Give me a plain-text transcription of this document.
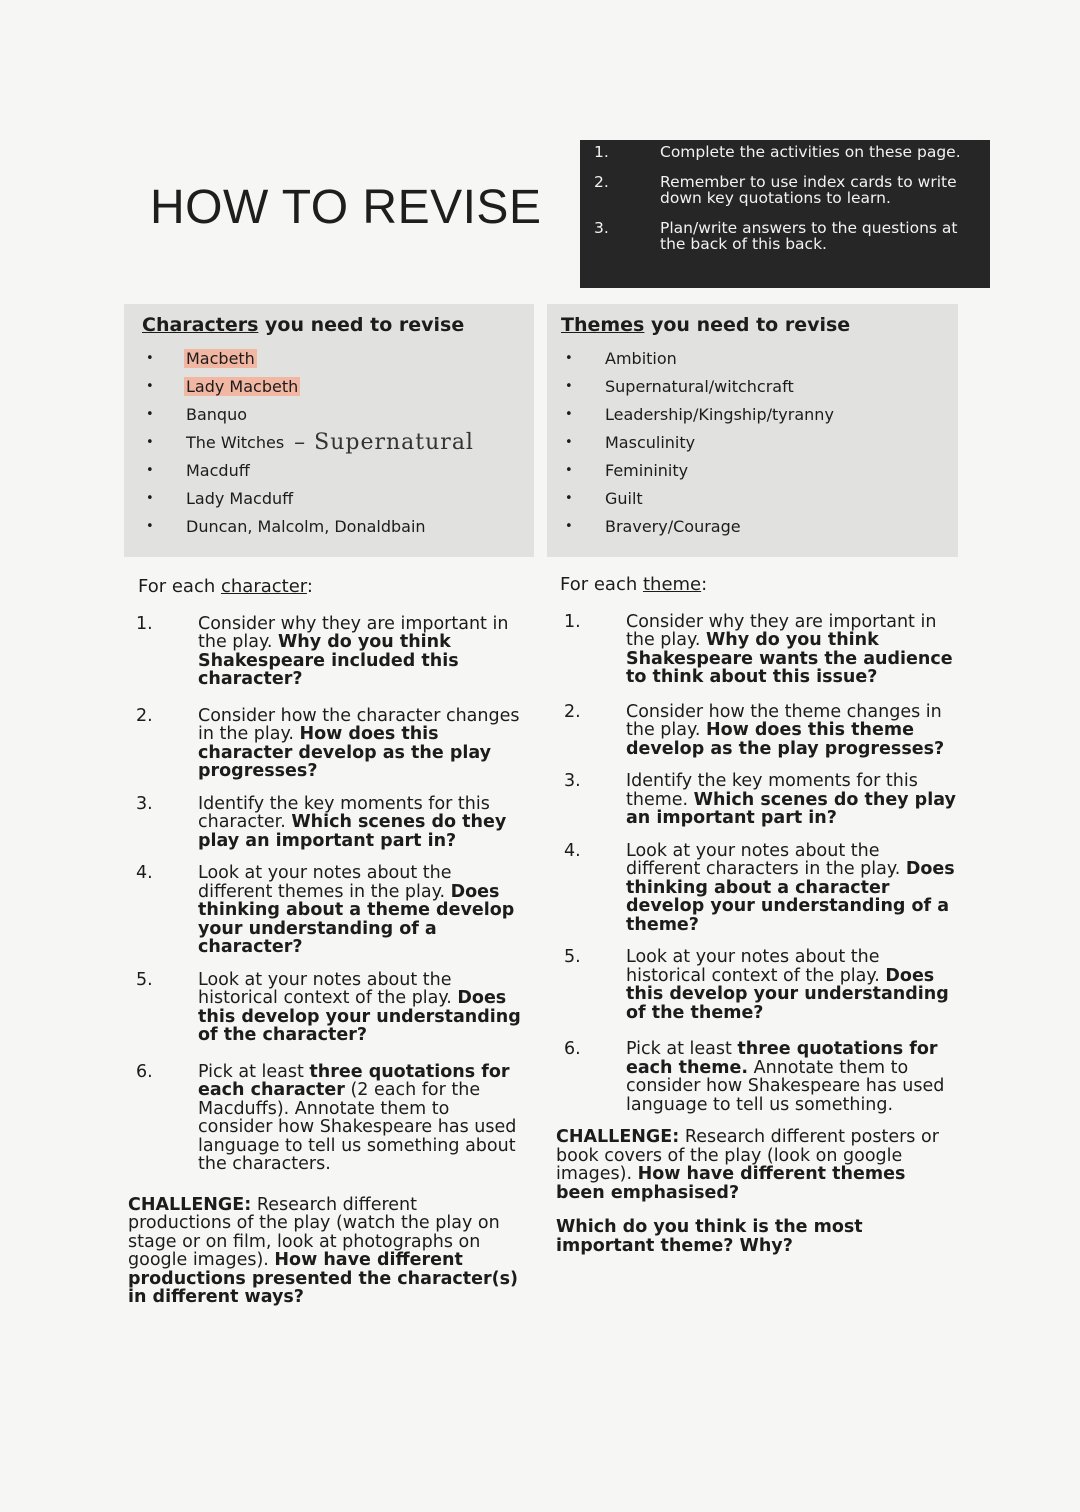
HOW TO REVISE
1.	Complete the activities on these page.
2.	Remember to use index cards to write down key quotations to learn.
3.	Plan/write answers to the questions at the back of this back.
Characters you need to revise
•	Macbeth
•	Lady Macbeth
•	Banquo
•	The Witches – Supernatural
•	Macduff
•	Lady Macduff
•	Duncan, Malcolm, Donaldbain
Themes you need to revise
•	Ambition
•	Supernatural/witchcraft
•	Leadership/Kingship/tyranny
•	Masculinity
•	Femininity
•	Guilt
•	Bravery/Courage
For each character:
1.	Consider why they are important in the play. Why do you think Shakespeare included this character?
2.	Consider how the character changes in the play. How does this character develop as the play progresses?
3.	Identify the key moments for this character. Which scenes do they play an important part in?
4.	Look at your notes about the different themes in the play. Does thinking about a theme develop your understanding of a character?
5.	Look at your notes about the historical context of the play. Does this develop your understanding of the character?
6.	Pick at least three quotations for each character (2 each for the Macduffs). Annotate them to consider how Shakespeare has used language to tell us something about the characters.
CHALLENGE: Research different productions of the play (watch the play on stage or on film, look at photographs on google images). How have different productions presented the character(s) in different ways?
For each theme:
1.	Consider why they are important in the play. Why do you think Shakespeare wants the audience to think about this issue?
2.	Consider how the theme changes in the play. How does this theme develop as the play progresses?
3.	Identify the key moments for this theme. Which scenes do they play an important part in?
4.	Look at your notes about the different characters in the play. Does thinking about a character develop your understanding of a theme?
5.	Look at your notes about the historical context of the play. Does this develop your understanding of the theme?
6.	Pick at least three quotations for each theme. Annotate them to consider how Shakespeare has used language to tell us something.
CHALLENGE: Research different posters or book covers of the play (look on google images). How have different themes been emphasised?
Which do you think is the most important theme? Why?
